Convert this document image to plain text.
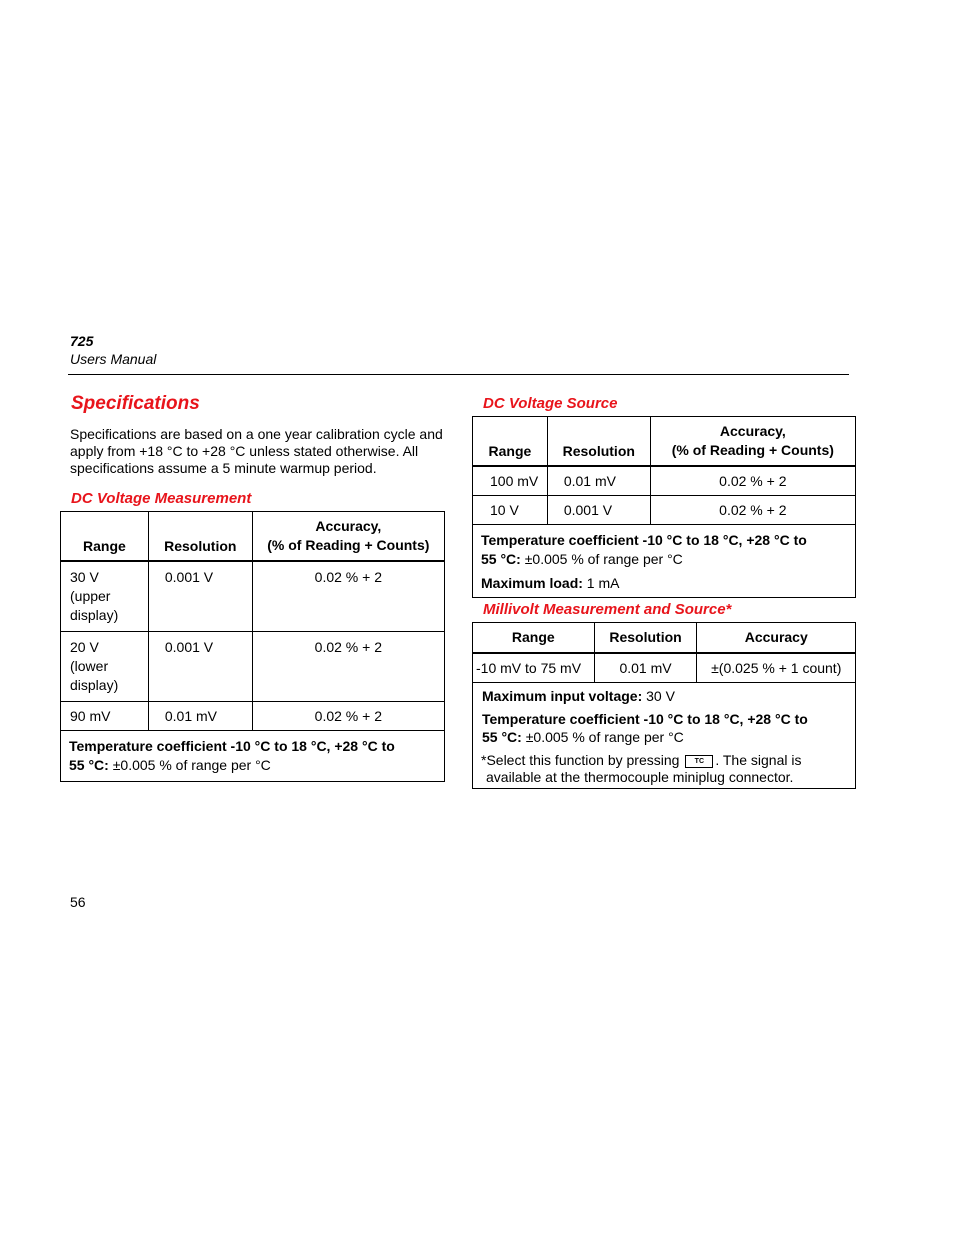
725
Users Manual
Specifications
Specifications are based on a one year calibration cycle and apply from +18 °C to +28 °C unless stated otherwise. All specifications assume a 5 minute warmup period.
DC Voltage Measurement
Range	Resolution	Accuracy,
(% of Reading + Counts)

30 V
(upper
display)	0.001 V	0.02 % + 2

20 V
(lower
display)	0.001 V	0.02 % + 2
90 mV	0.01 mV	0.02 % + 2

Temperature coefficient -10 °C to 18 °C, +28 °C to
55 °C: ±0.005 % of range per °C		
DC Voltage Source
Range	Resolution	Accuracy,
(% of Reading + Counts)

100 mV	0.01 mV	0.02 % + 2
10 V	0.001 V	0.02 % + 2

Temperature coefficient -10 °C to 18 °C, +28 °C to
55 °C: ±0.005 % of range per °C
Maximum load: 1 mA		
Millivolt Measurement and Source*
Range	Resolution	Accuracy
-10 mV to 75 mV	0.01 mV	±(0.025 % + 1 count)

Maximum input voltage: 30 V
Temperature coefficient -10 °C to 18 °C, +28 °C to
55 °C: ±0.005 % of range per °C
*Select this function by pressing TC . The signal is
available at the thermocouple miniplug connector.		
56
